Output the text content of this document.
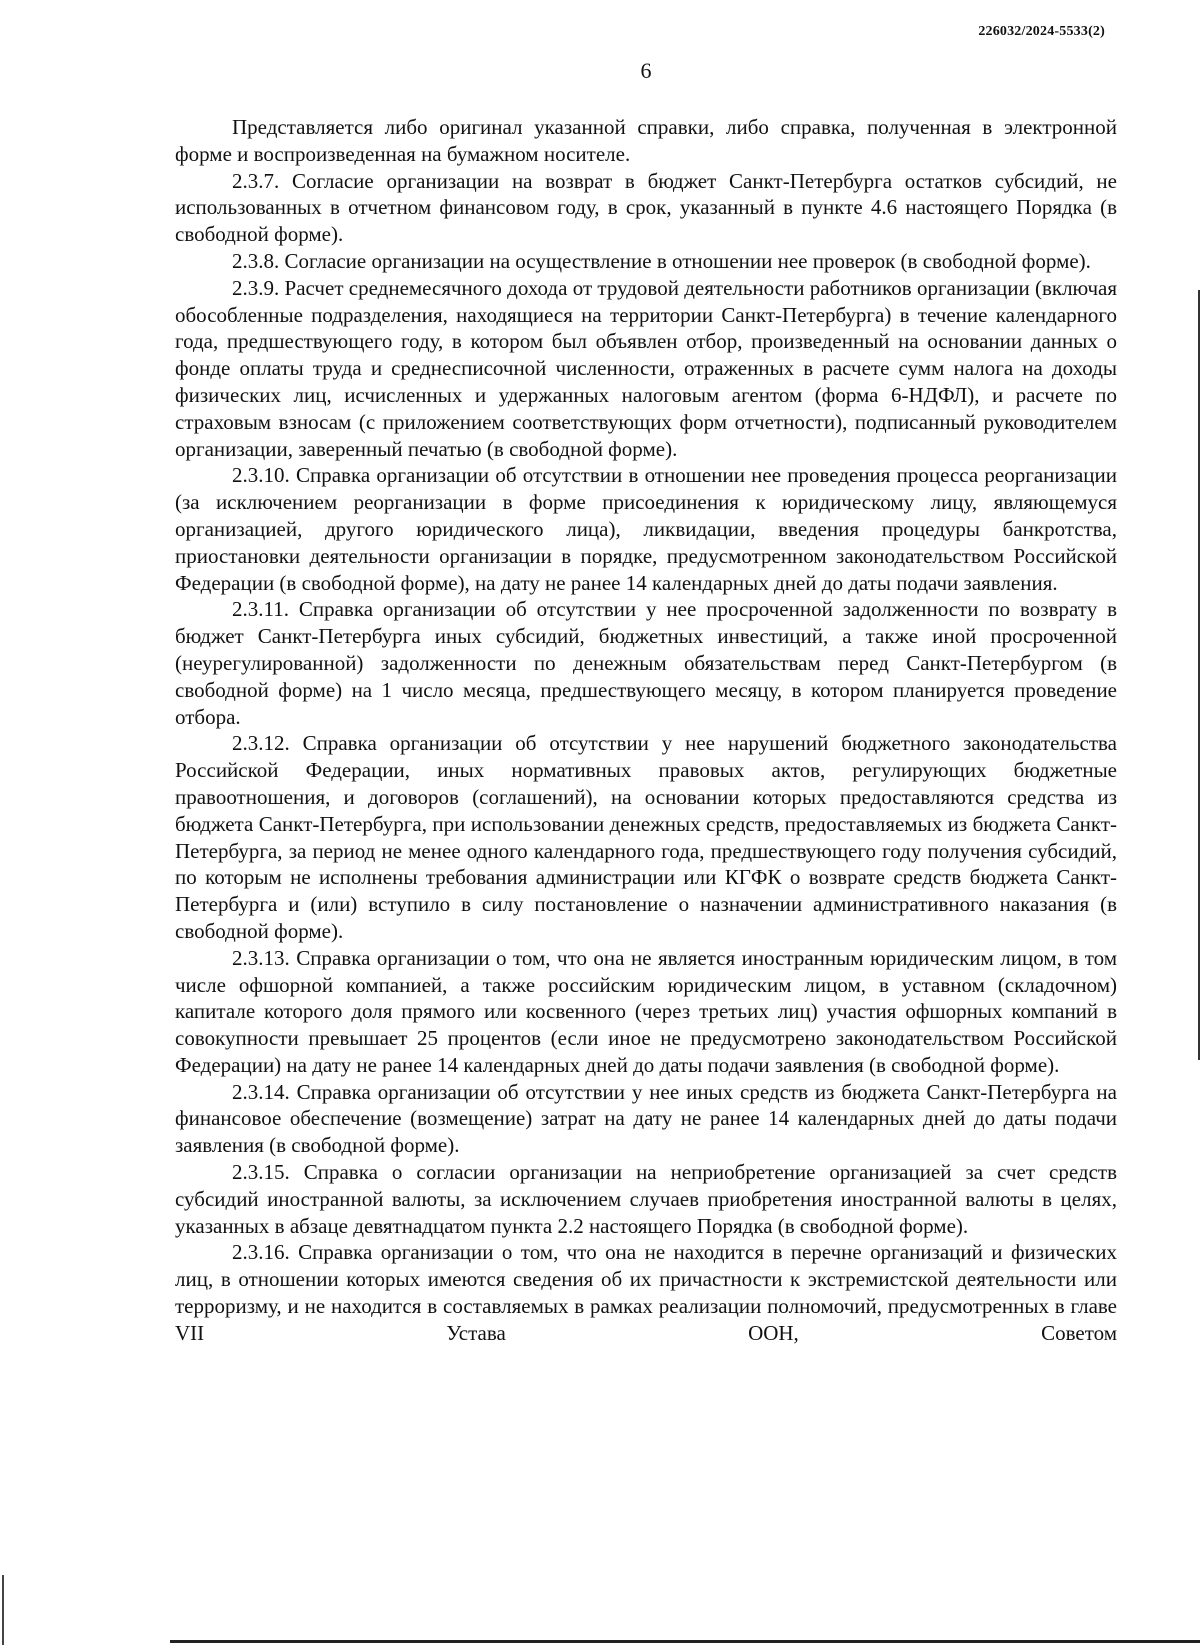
226032/2024-5533(2)
6

Представляется либо оригинал указанной справки, либо справка, полученная в электронной форме и воспроизведенная на бумажном носителе.

2.3.7. Согласие организации на возврат в бюджет Санкт-Петербурга остатков субсидий, не использованных в отчетном финансовом году, в срок, указанный в пункте 4.6 настоящего Порядка (в свободной форме).

2.3.8. Согласие организации на осуществление в отношении нее проверок (в свободной форме).

2.3.9. Расчет среднемесячного дохода от трудовой деятельности работников организации (включая обособленные подразделения, находящиеся на территории Санкт-Петербурга) в течение календарного года, предшествующего году, в котором был объявлен отбор, произведенный на основании данных о фонде оплаты труда и среднесписочной численности, отраженных в расчете сумм налога на доходы физических лиц, исчисленных и удержанных налоговым агентом (форма 6-НДФЛ), и расчете по страховым взносам (с приложением соответствующих форм отчетности), подписанный руководителем организации, заверенный печатью (в свободной форме).

2.3.10. Справка организации об отсутствии в отношении нее проведения процесса реорганизации (за исключением реорганизации в форме присоединения к юридическому лицу, являющемуся организацией, другого юридического лица), ликвидации, введения процедуры банкротства, приостановки деятельности организации в порядке, предусмотренном законодательством Российской Федерации (в свободной форме), на дату не ранее 14 календарных дней до даты подачи заявления.

2.3.11. Справка организации об отсутствии у нее просроченной задолженности по возврату в бюджет Санкт-Петербурга иных субсидий, бюджетных инвестиций, а также иной просроченной (неурегулированной) задолженности по денежным обязательствам перед Санкт-Петербургом (в свободной форме) на 1 число месяца, предшествующего месяцу, в котором планируется проведение отбора.

2.3.12. Справка организации об отсутствии у нее нарушений бюджетного законодательства Российской Федерации, иных нормативных правовых актов, регулирующих бюджетные правоотношения, и договоров (соглашений), на основании которых предоставляются средства из бюджета Санкт-Петербурга, при использовании денежных средств, предоставляемых из бюджета Санкт-Петербурга, за период не менее одного календарного года, предшествующего году получения субсидий, по которым не исполнены требования администрации или КГФК о возврате средств бюджета Санкт-Петербурга и (или) вступило в силу постановление о назначении административного наказания (в свободной форме).

2.3.13. Справка организации о том, что она не является иностранным юридическим лицом, в том числе офшорной компанией, а также российским юридическим лицом, в уставном (складочном) капитале которого доля прямого или косвенного (через третьих лиц) участия офшорных компаний в совокупности превышает 25 процентов (если иное не предусмотрено законодательством Российской Федерации) на дату не ранее 14 календарных дней до даты подачи заявления (в свободной форме).

2.3.14. Справка организации об отсутствии у нее иных средств из бюджета Санкт-Петербурга на финансовое обеспечение (возмещение) затрат на дату не ранее 14 календарных дней до даты подачи заявления (в свободной форме).

2.3.15. Справка о согласии организации на неприобретение организацией за счет средств субсидий иностранной валюты, за исключением случаев приобретения иностранной валюты в целях, указанных в абзаце девятнадцатом пункта 2.2 настоящего Порядка (в свободной форме).

2.3.16. Справка организации о том, что она не находится в перечне организаций и физических лиц, в отношении которых имеются сведения об их причастности к экстремистской деятельности или терроризму, и не находится в составляемых в рамках реализации полномочий, предусмотренных в главе VII Устава ООН, Советом
